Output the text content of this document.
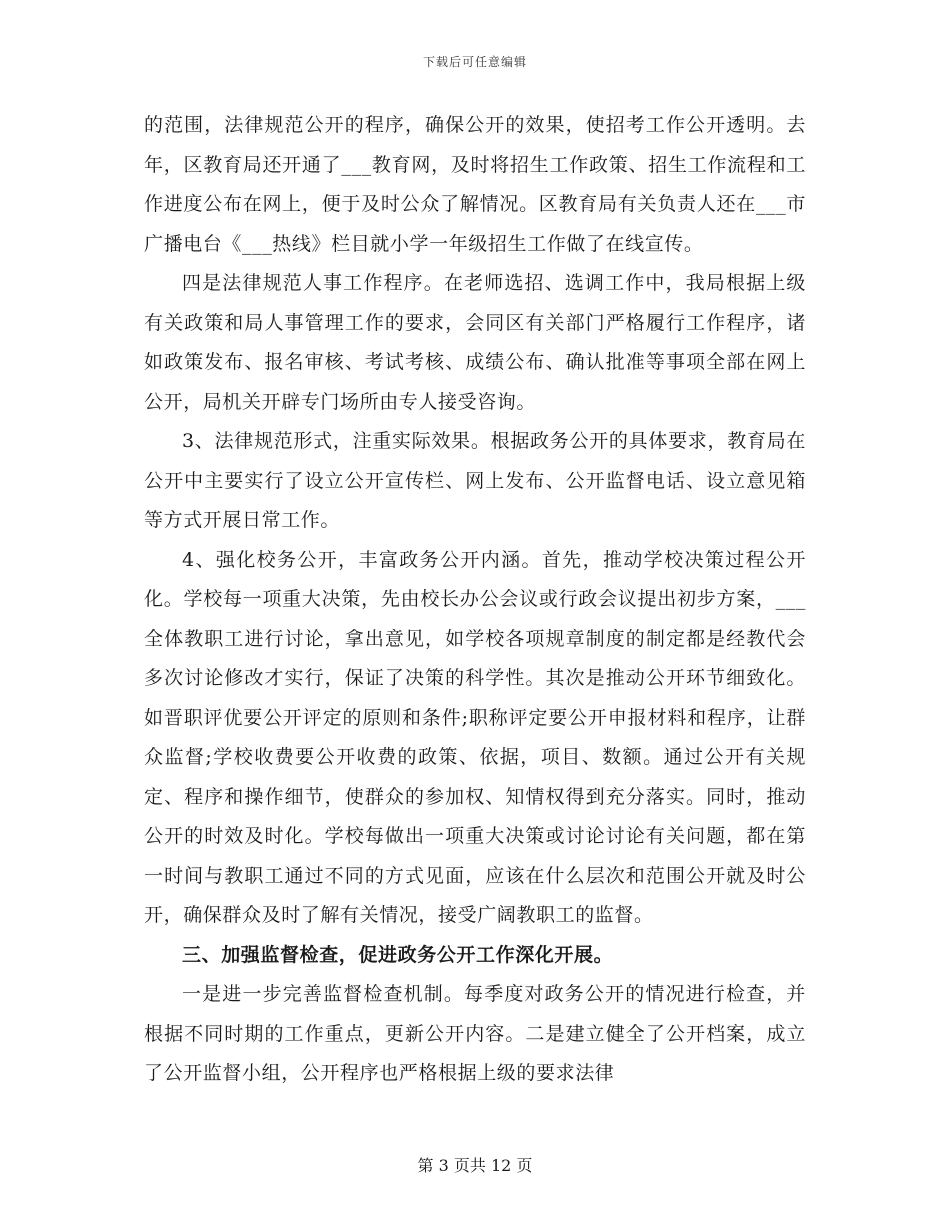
下载后可任意编辑

的范围，法律规范公开的程序，确保公开的效果，使招考工作公开透明。去年，区教育局还开通了___教育网，及时将招生工作政策、招生工作流程和工作进度公布在网上，便于及时公众了解情况。区教育局有关负责人还在___市广播电台《___热线》栏目就小学一年级招生工作做了在线宣传。

四是法律规范人事工作程序。在老师选招、选调工作中，我局根据上级有关政策和局人事管理工作的要求，会同区有关部门严格履行工作程序，诸如政策发布、报名审核、考试考核、成绩公布、确认批准等事项全部在网上公开，局机关开辟专门场所由专人接受咨询。

3、法律规范形式，注重实际效果。根据政务公开的具体要求，教育局在公开中主要实行了设立公开宣传栏、网上发布、公开监督电话、设立意见箱等方式开展日常工作。

4、强化校务公开，丰富政务公开内涵。首先，推动学校决策过程公开化。学校每一项重大决策，先由校长办公会议或行政会议提出初步方案，___全体教职工进行讨论，拿出意见，如学校各项规章制度的制定都是经教代会多次讨论修改才实行，保证了决策的科学性。其次是推动公开环节细致化。如晋职评优要公开评定的原则和条件;职称评定要公开申报材料和程序，让群众监督;学校收费要公开收费的政策、依据，项目、数额。通过公开有关规定、程序和操作细节，使群众的参加权、知情权得到充分落实。同时，推动公开的时效及时化。学校每做出一项重大决策或讨论讨论有关问题，都在第一时间与教职工通过不同的方式见面，应该在什么层次和范围公开就及时公开，确保群众及时了解有关情况，接受广阔教职工的监督。

三、加强监督检查，促进政务公开工作深化开展。

一是进一步完善监督检查机制。每季度对政务公开的情况进行检查，并根据不同时期的工作重点，更新公开内容。二是建立健全了公开档案，成立了公开监督小组，公开程序也严格根据上级的要求法律

第 3 页共 12 页
